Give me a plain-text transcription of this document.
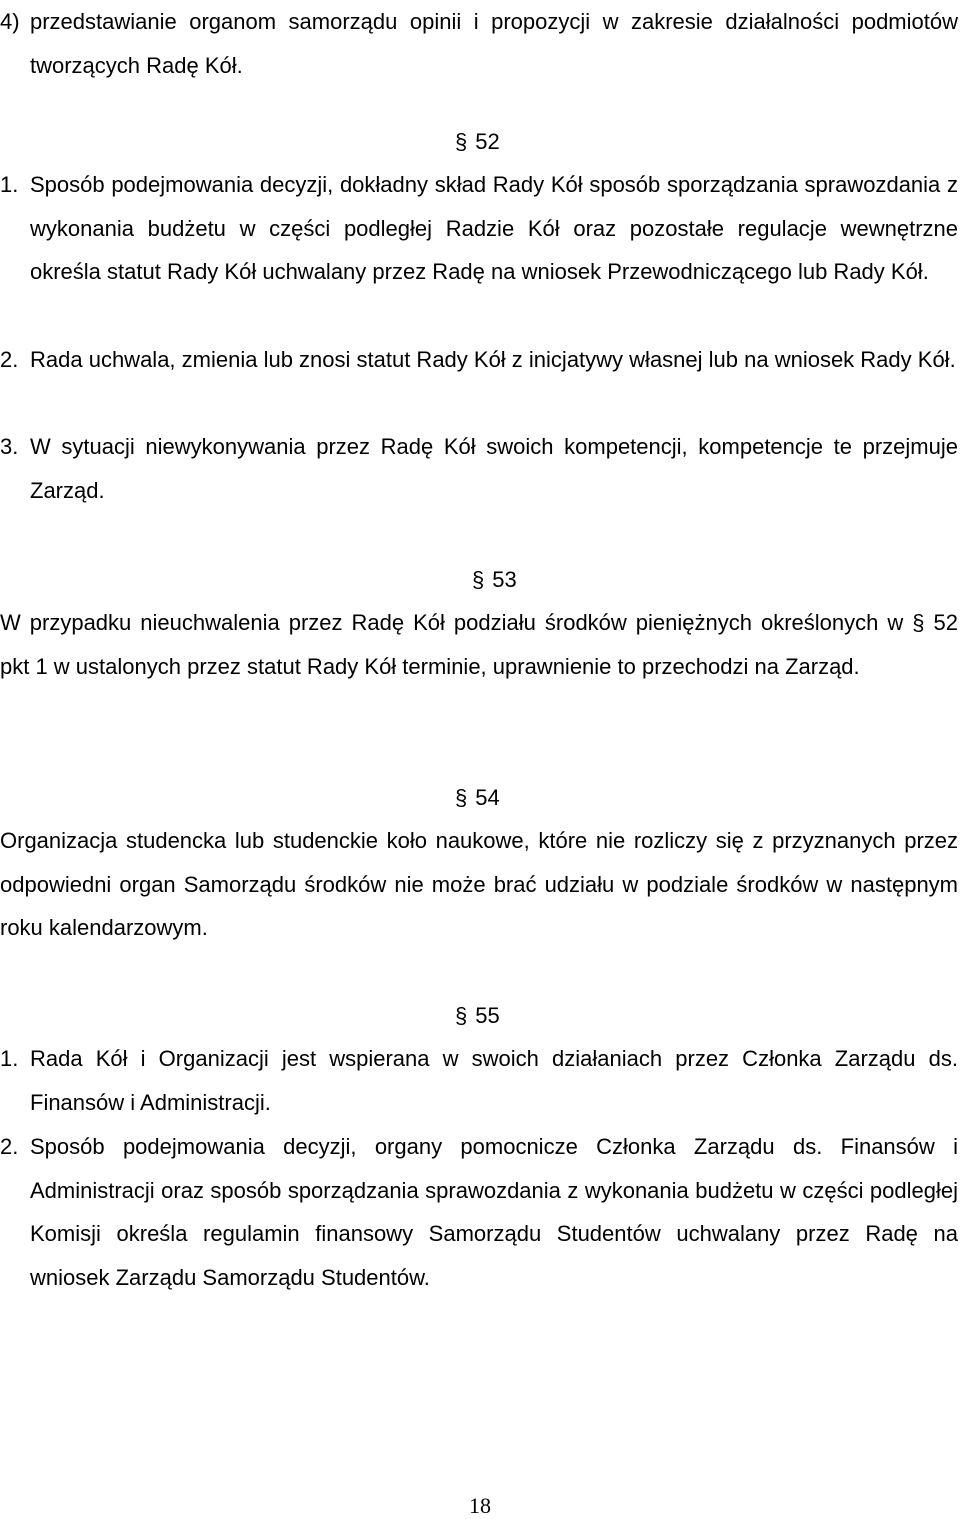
4) przedstawianie organom samorządu opinii i propozycji w zakresie działalności podmiotów tworzących Radę Kół.
§ 52
1. Sposób podejmowania decyzji, dokładny skład Rady Kół sposób sporządzania sprawozdania z wykonania budżetu w części podległej Radzie Kół oraz pozostałe regulacje wewnętrzne określa statut Rady Kół uchwalany przez Radę na wniosek Przewodniczącego lub Rady Kół.
2. Rada uchwala, zmienia lub znosi statut Rady Kół z inicjatywy własnej lub na wniosek Rady Kół.
3. W sytuacji niewykonywania przez Radę Kół swoich kompetencji, kompetencje te przejmuje Zarząd.
§ 53
W przypadku nieuchwalenia przez Radę Kół podziału środków pieniężnych określonych w § 52 pkt 1 w ustalonych przez statut Rady Kół terminie, uprawnienie to przechodzi na Zarząd.
§ 54
Organizacja studencka lub studenckie koło naukowe, które nie rozliczy się z przyznanych przez odpowiedni organ Samorządu środków nie może brać udziału w podziale środków w następnym roku kalendarzowym.
§ 55
1. Rada Kół i Organizacji jest wspierana w swoich działaniach przez Członka Zarządu ds. Finansów i Administracji.
2. Sposób podejmowania decyzji, organy pomocnicze Członka Zarządu ds. Finansów i Administracji oraz sposób sporządzania sprawozdania z wykonania budżetu w części podległej Komisji określa regulamin finansowy Samorządu Studentów uchwalany przez Radę na wniosek Zarządu Samorządu Studentów.
18
